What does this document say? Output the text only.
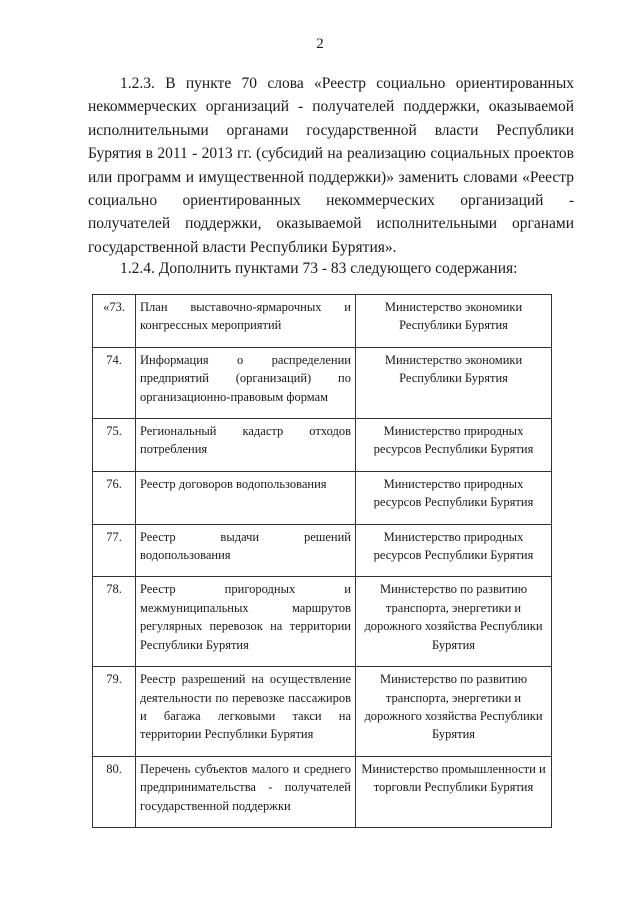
2

1.2.3. В пункте 70 слова «Реестр социально ориентированных некоммерческих организаций - получателей поддержки, оказываемой исполнительными органами государственной власти Республики Бурятия в 2011 - 2013 гг. (субсидий на реализацию социальных проектов или программ и имущественной поддержки)» заменить словами «Реестр социально ориентированных некоммерческих организаций - получателей поддержки, оказываемой исполнительными органами государственной власти Республики Бурятия».

1.2.4. Дополнить пунктами 73 - 83 следующего содержания:

«73.	План выставочно-ярмарочных и конгрессных мероприятий	Министерство экономики Республики Бурятия
74.	Информация о распределении предприятий (организаций) по организационно-правовым формам	Министерство экономики Республики Бурятия
75.	Региональный кадастр отходов потребления	Министерство природных ресурсов Республики Бурятия
76.	Реестр договоров водопользования	Министерство природных ресурсов Республики Бурятия
77.	Реестр выдачи решений водопользования	Министерство природных ресурсов Республики Бурятия
78.	Реестр пригородных и межмуниципальных маршрутов регулярных перевозок на территории Республики Бурятия	Министерство по развитию транспорта, энергетики и дорожного хозяйства Республики Бурятия
79.	Реестр разрешений на осуществление деятельности по перевозке пассажиров и багажа легковыми такси на территории Республики Бурятия	Министерство по развитию транспорта, энергетики и дорожного хозяйства Республики Бурятия
80.	Перечень субъектов малого и среднего предпринимательства - получателей государственной поддержки	Министерство промышленности и торговли Республики Бурятия
